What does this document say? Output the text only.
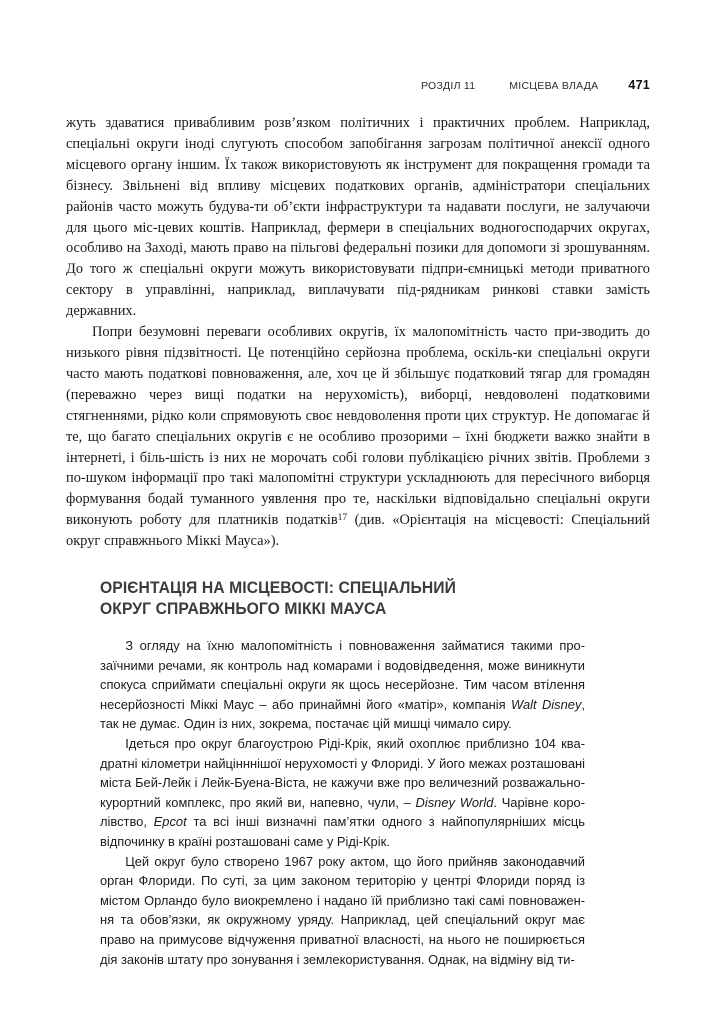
РОЗДІЛ 11	МІСЦЕВА ВЛАДА 471

жуть здаватися привабливим розв’язком політичних і практичних проблем. Наприклад, спеціальні округи іноді слугують способом запобігання загрозам політичної анексії одного місцевого органу іншим. Їх також використовують як інструмент для покращення громади та бізнесу. Звільнені від впливу місцевих податкових органів, адміністратори спеціальних районів часто можуть будува-ти об’єкти інфраструктури та надавати послуги, не залучаючи для цього міс-цевих коштів. Наприклад, фермери в спеціальних водногосподарчих округах, особливо на Заході, мають право на пільгові федеральні позики для допомоги зі зрошуванням. До того ж спеціальні округи можуть використовувати підпри-ємницькі методи приватного сектору в управлінні, наприклад, виплачувати під-рядникам ринкові ставки замість державних.

Попри безумовні переваги особливих округів, їх малопомітність часто при-зводить до низького рівня підзвітності. Це потенційно серйозна проблема, оскіль-ки спеціальні округи часто мають податкові повноваження, але, хоч це й збільшує податковий тягар для громадян (переважно через вищі податки на нерухомість), виборці, невдоволені податковими стягненнями, рідко коли спрямовують своє невдоволення проти цих структур. Не допомагає й те, що багато спеціальних округів є не особливо прозорими – їхні бюджети важко знайти в інтернеті, і біль-шість із них не морочать собі голови публікацією річних звітів. Проблеми з по-шуком інформації про такі малопомітні структури ускладнюють для пересічного виборця формування бодай туманного уявлення про те, наскільки відповідально спеціальні округи виконують роботу для платників податків$^{17}$ (див. «Орієнтація на місцевості: Спеціальний округ справжнього Міккі Мауса»).

ОРІЄНТАЦІЯ НА МІСЦЕВОСТІ: СПЕЦІАЛЬНИЙ
ОКРУГ СПРАВЖНЬОГО МІККІ МАУСА

З огляду на їхню малопомітність і повноваження займатися такими про-заїчними речами, як контроль над комарами і водовідведення, може виникнути спокуса сприймати спеціальні округи як щось несерйозне. Тим часом втілення несерйозності Міккі Маус – або принаймні його «матір», компанія Walt Disney, так не думає. Один із них, зокрема, постачає цій мишці чимало сиру.

Ідеться про округ благоустрою Ріді-Крік, який охоплює приблизно 104 ква-дратні кілометри найцінннішої нерухомості у Флориді. У його межах розташовані міста Бей-Лейк і Лейк-Буена-Віста, не кажучи вже про величезний розважально-курортний комплекс, про який ви, напевно, чули, – Disney World. Чарівне коро-лівство, Epcot та всі інші визначні пам’ятки одного з найпопулярніших місць відпочинку в країні розташовані саме у Ріді-Крік.

Цей округ було створено 1967 року актом, що його прийняв законодавчий орган Флориди. По суті, за цим законом територію у центрі Флориди поряд із містом Орландо було виокремлено і надано їй приблизно такі самі повноважен-ня та обов’язки, як окружному уряду. Наприклад, цей спеціальний округ має право на примусове відчуження приватної власності, на нього не поширюється дія законів штату про зонування і землекористування. Однак, на відміну від ти-
